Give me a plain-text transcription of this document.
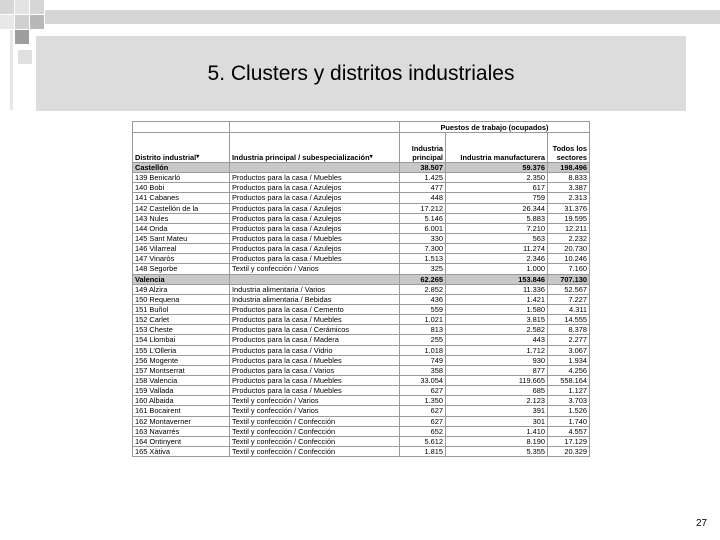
5. Clusters y distritos industriales
		Puestos de trabajo (ocupados)		
Distrito industrial▾	Industria principal / subespecialización▾	Industria principal	Industria manufacturera	Todos los sectores
Castellón		38.507	59.376	198.496
139 Benicarló	Productos para la casa / Muebles	1.425	2.350	8.833
140 Bobi	Productos para la casa / Azulejos	477	617	3.387
141 Cabanes	Productos para la casa / Azulejos	448	759	2.313
142 Castellón de la	Productos para la casa / Azulejos	17.212	26.344	31.376
143 Nules	Productos para la casa / Azulejos	5.146	5.883	19.595
144 Onda	Productos para la casa / Azulejos	6.001	7.210	12.211
145 Sant Mateu	Productos para la casa / Muebles	330	563	2.232
146 Vilarreal	Productos para la casa / Azulejos	7.300	11.274	20.730
147 Vinaròs	Productos para la casa / Muebles	1.513	2.346	10.246
148 Segorbe	Textil y confección / Varios	325	1.000	7.160
Valencia		62.265	153.846	707.130
149 Alzira	Industria alimentaria / Varios	2.852	11.336	52.567
150 Requena	Industria alimentaria / Bebidas	436	1.421	7.227
151 Buñol	Productos para la casa / Cemento	559	1.580	4.311
152 Carlet	Productos para la casa / Muebles	1.021	3.815	14.555
153 Cheste	Productos para la casa / Cerámicos	813	2.582	8.378
154 Llombai	Productos para la casa / Madera	255	443	2.277
155 L'Olleria	Productos para la casa / Vidrio	1.018	1.712	3.067
156 Mogente	Productos para la casa / Muebles	749	930	1.934
157 Montserrat	Productos para la casa / Varios	358	877	4.256
158 Valencia	Productos para la casa / Muebles	33.054	119.665	558.164
159 Vallada	Productos para la casa / Muebles	627	685	1.127
160 Albaida	Textil y confección / Varios	1.350	2.123	3.703
161 Bocairent	Textil y confección / Varios	627	391	1.526
162 Montaverner	Textil y confección / Confección	627	301	1.740
163 Navarrés	Textil y confección / Confección	652	1.410	4.557
164 Ontinyent	Textil y confección / Confección	5.612	8.190	17.129
165 Xàtiva	Textil y confección / Confección	1.815	5.355	20.329
27
